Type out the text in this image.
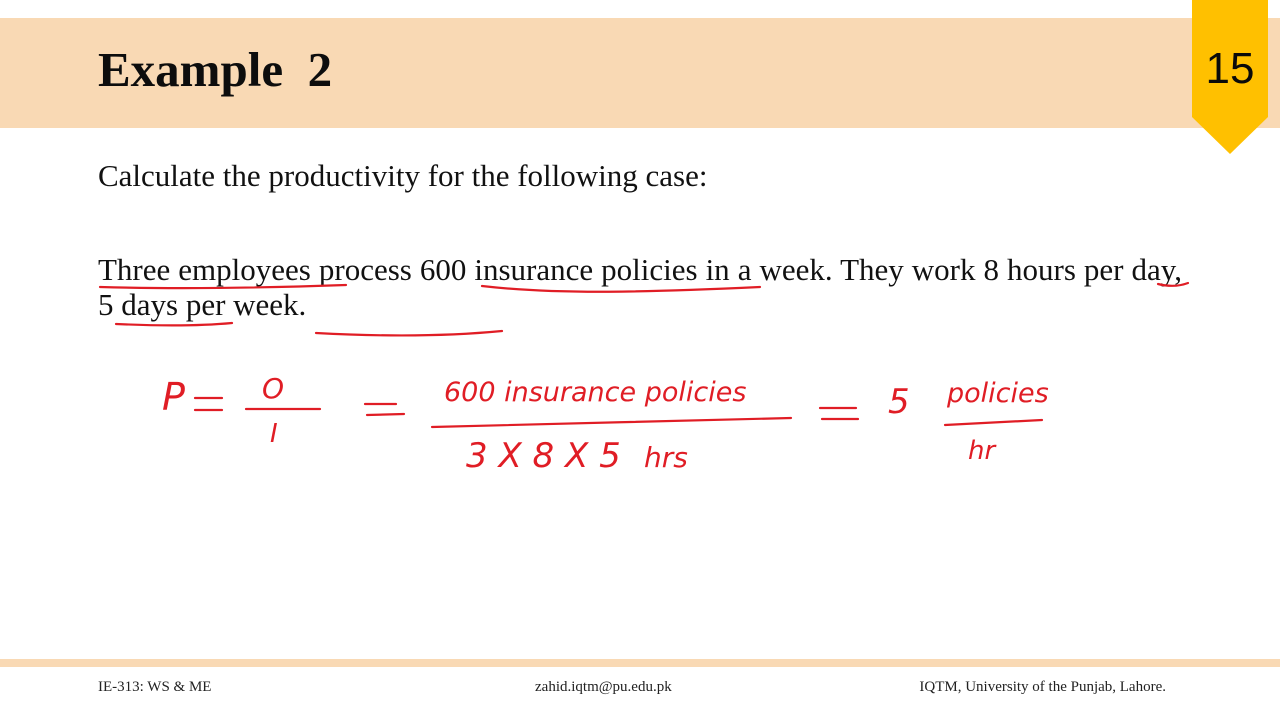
Example  2	15

Calculate the productivity for the following case:

Three employees process 600 insurance policies in a week. They work 8 hours per day, 5 days per week.

P	O
I
600 insurance policies
3 X 8 X 5 hrs
5 policies
hr
IE-313: WS & ME	zahid.iqtm@pu.edu.pk	IQTM, University of the Punjab, Lahore.
